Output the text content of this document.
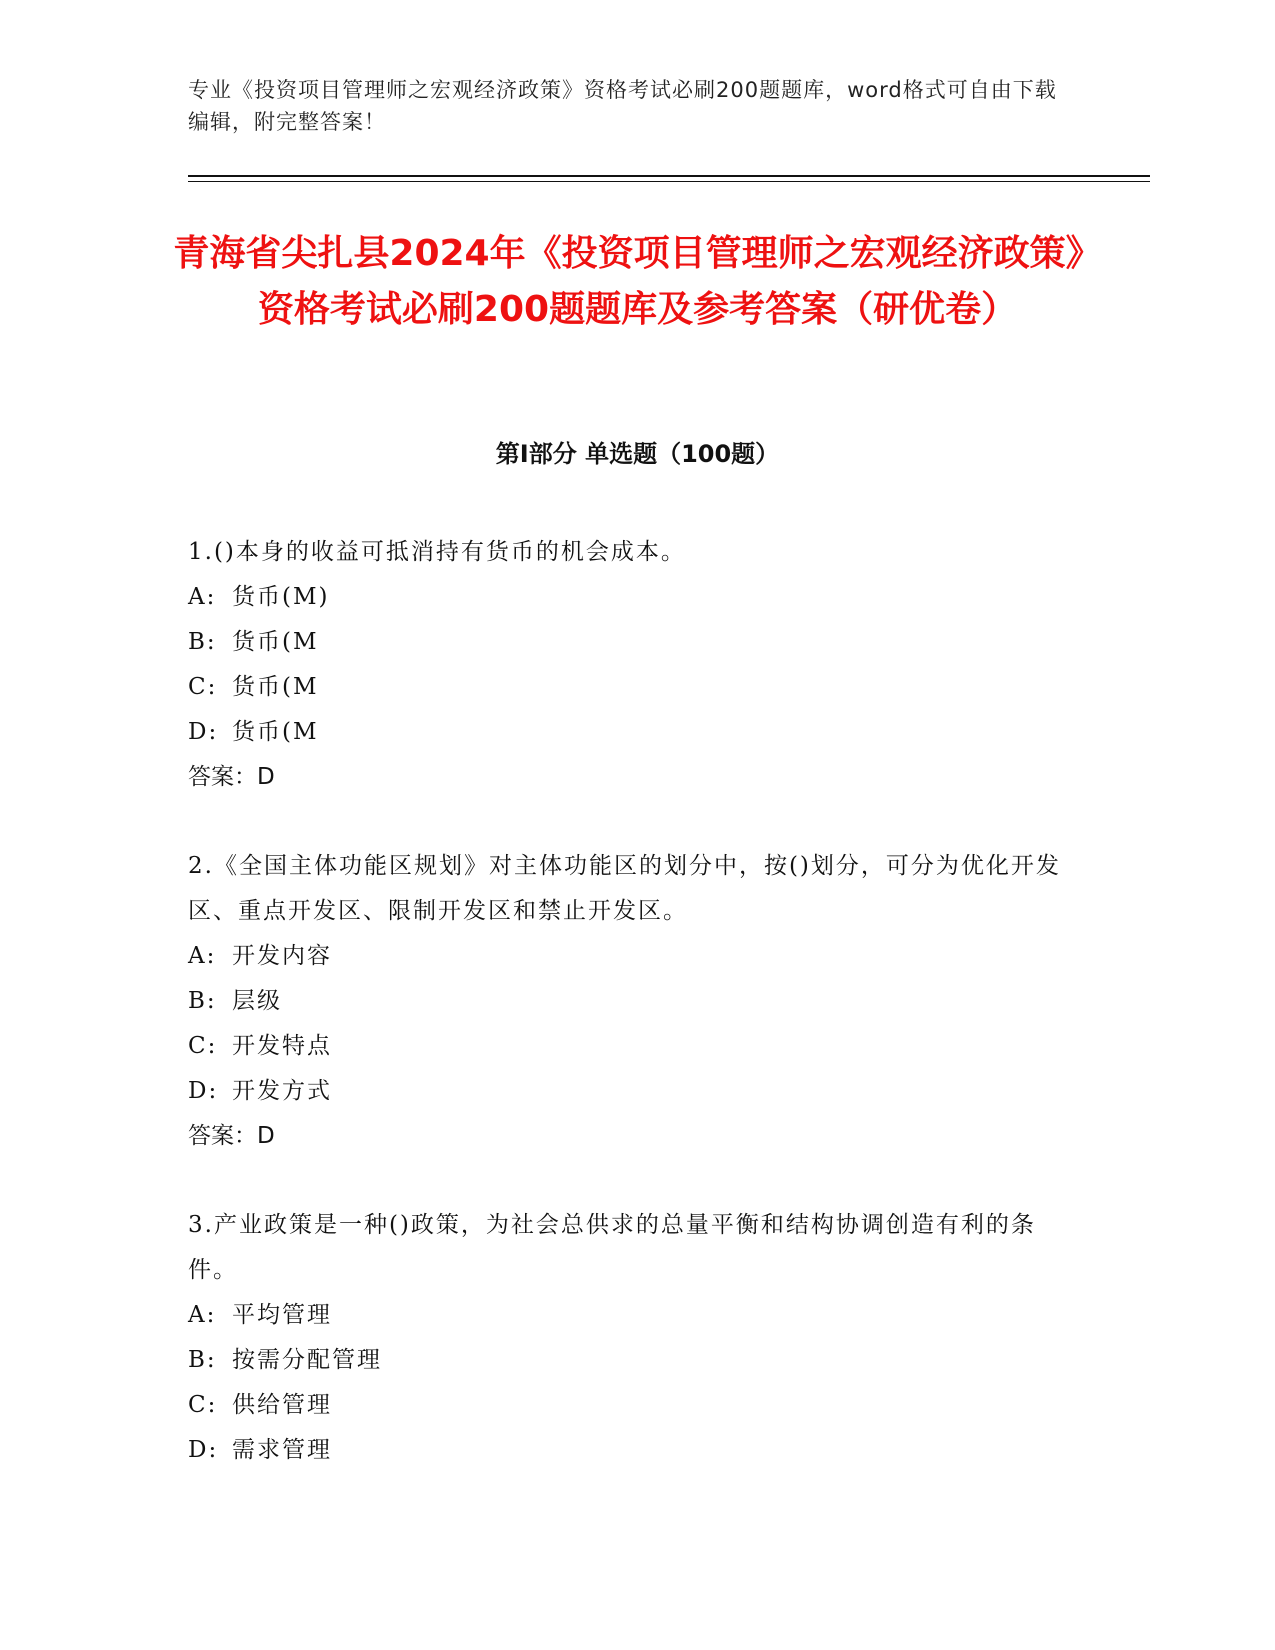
专业《投资项目管理师之宏观经济政策》资格考试必刷200题题库，word格式可自由下载编辑，附完整答案！
青海省尖扎县2024年《投资项目管理师之宏观经济政策》资格考试必刷200题题库及参考答案（研优卷）
第Ⅰ部分 单选题（100题）
1.()本身的收益可抵消持有货币的机会成本。
A: 货币(M)
B: 货币(M
C: 货币(M
D: 货币(M
答案：D
2.《全国主体功能区规划》对主体功能区的划分中，按()划分，可分为优化开发区、重点开发区、限制开发区和禁止开发区。
A: 开发内容
B: 层级
C: 开发特点
D: 开发方式
答案：D
3.产业政策是一种()政策，为社会总供求的总量平衡和结构协调创造有利的条件。
A: 平均管理
B: 按需分配管理
C: 供给管理
D: 需求管理
